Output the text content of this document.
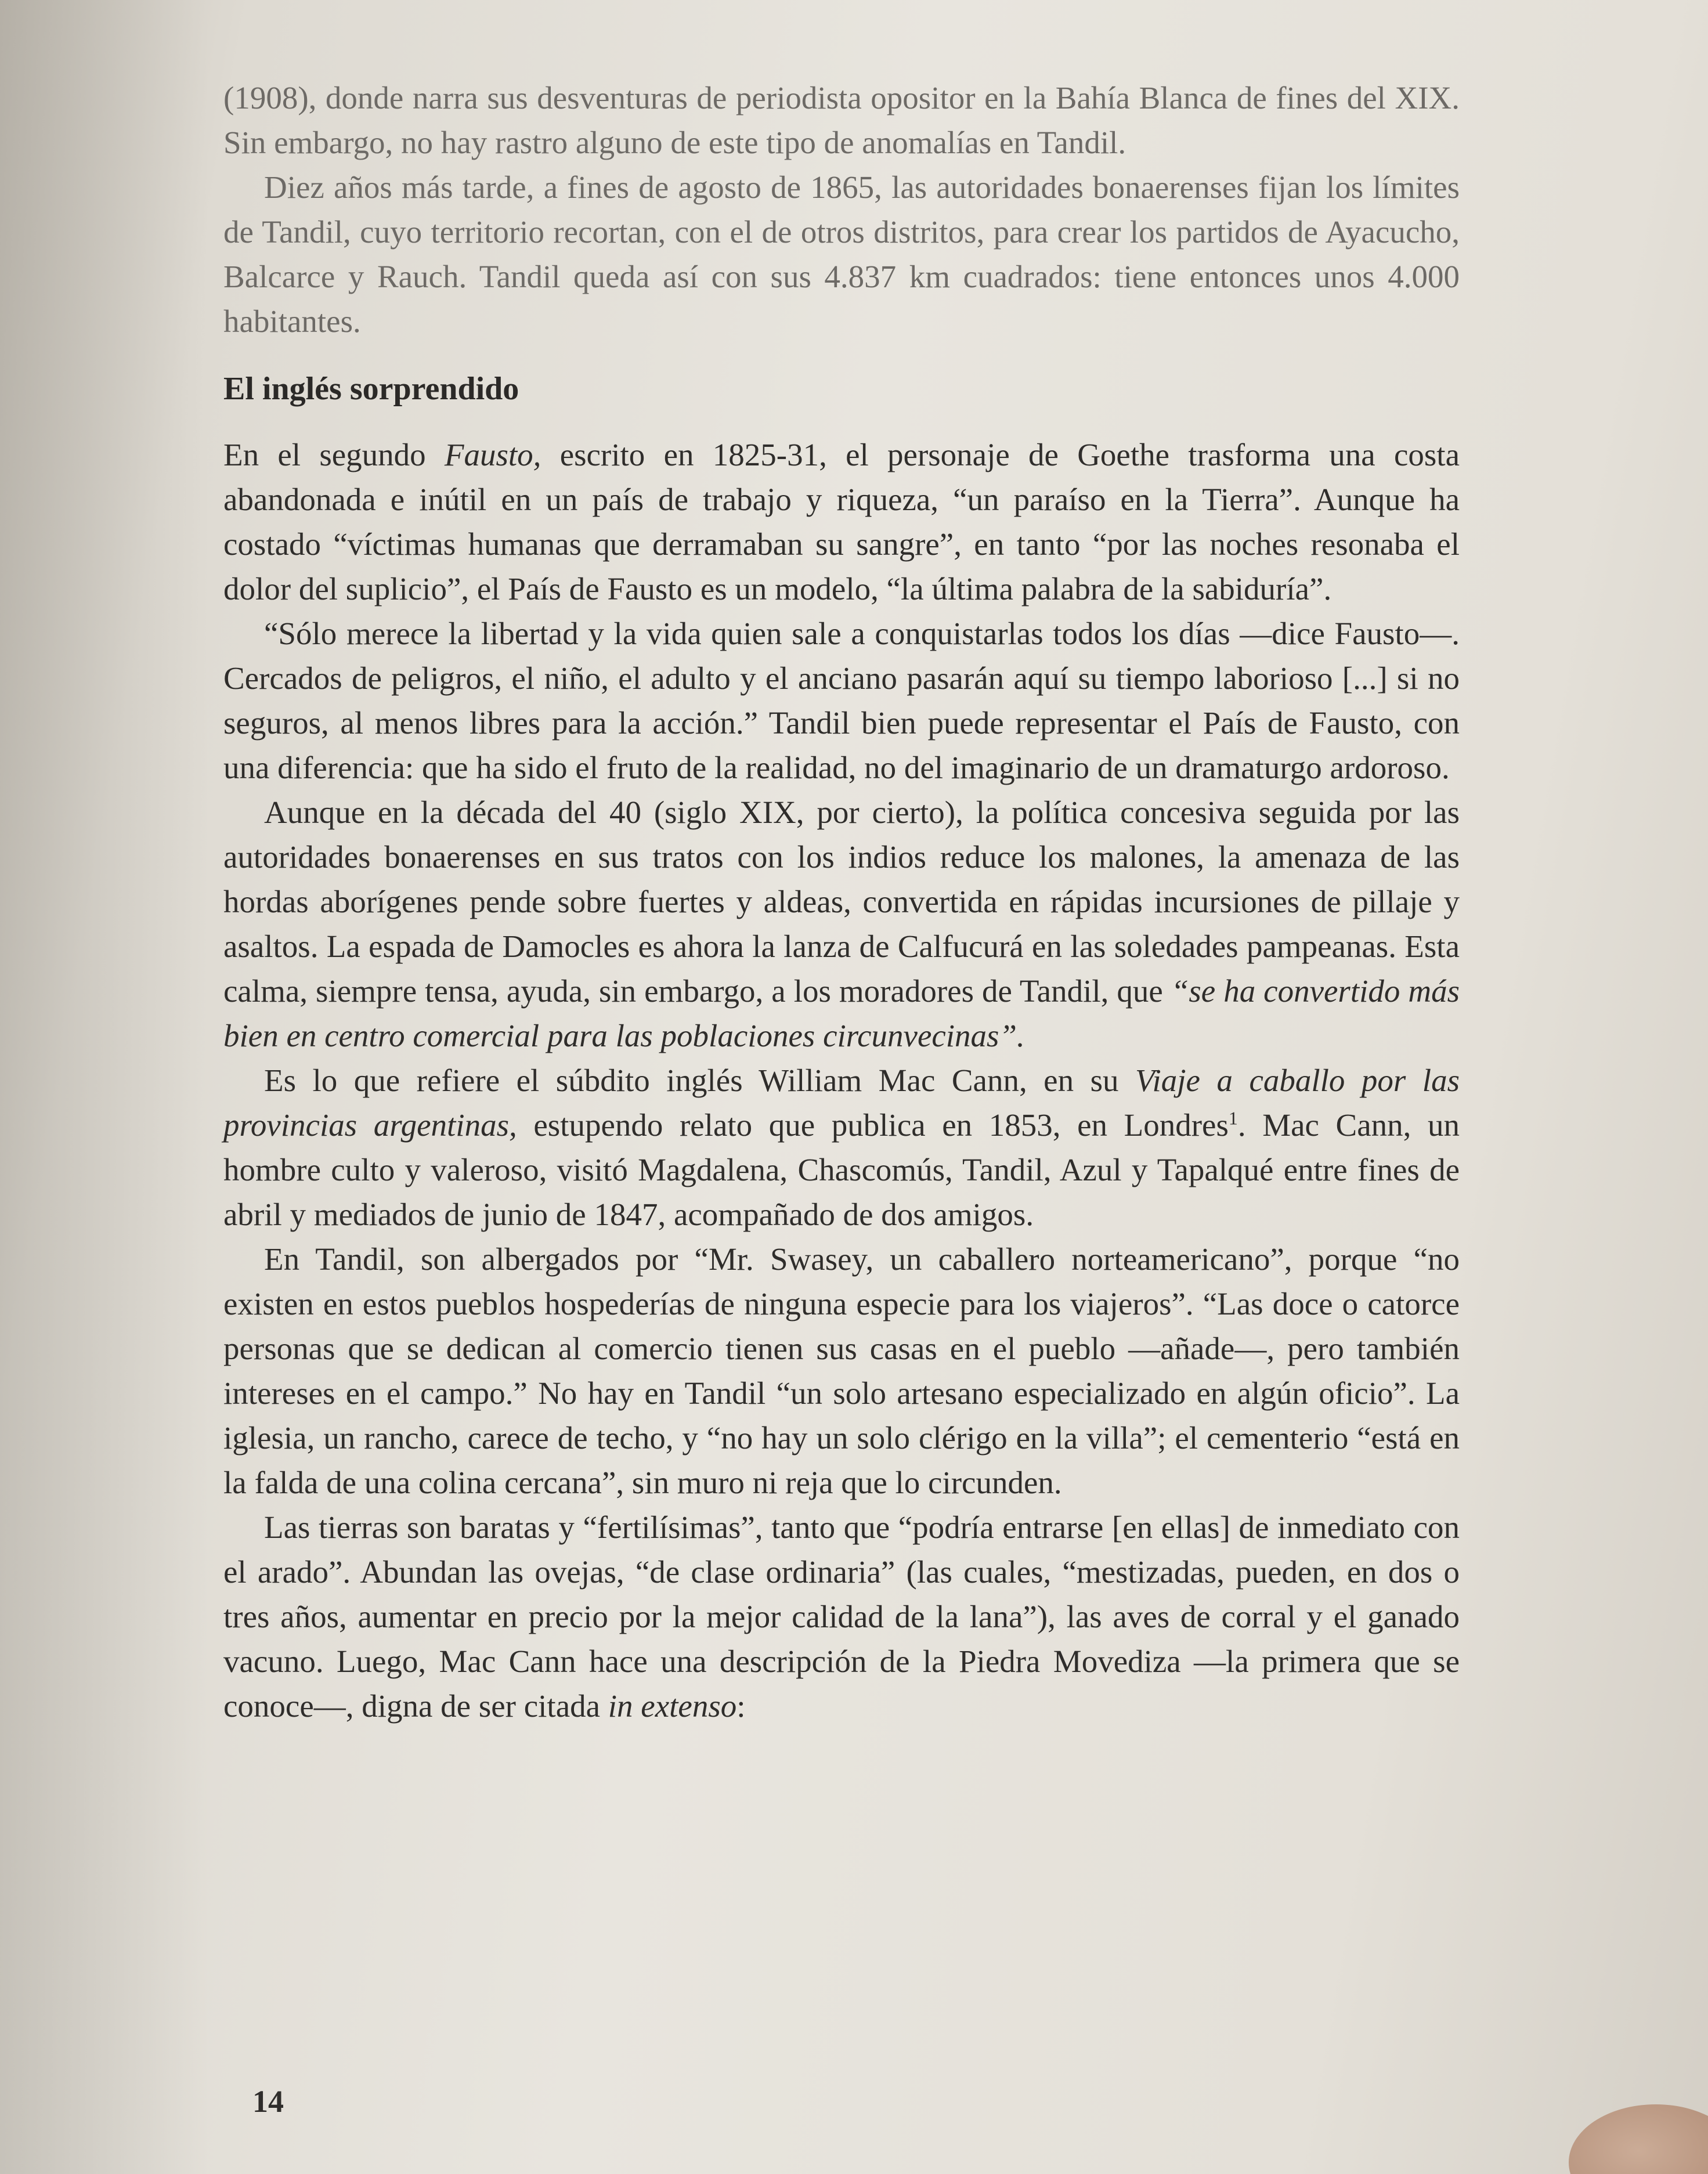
(1908), donde narra sus desventuras de periodista opositor en la Bahía Blanca de fines del XIX. Sin embargo, no hay rastro alguno de este tipo de anomalías en Tandil.

Diez años más tarde, a fines de agosto de 1865, las autoridades bonaerenses fijan los límites de Tandil, cuyo territorio recortan, con el de otros distritos, para crear los partidos de Ayacucho, Balcarce y Rauch. Tandil queda así con sus 4.837 km cuadrados: tiene entonces unos 4.000 habitantes.

El inglés sorprendido

En el segundo Fausto, escrito en 1825-31, el personaje de Goethe trasforma una costa abandonada e inútil en un país de trabajo y riqueza, “un paraíso en la Tierra”. Aunque ha costado “víctimas humanas que derramaban su sangre”, en tanto “por las noches resonaba el dolor del suplicio”, el País de Fausto es un modelo, “la última palabra de la sabiduría”.

“Sólo merece la libertad y la vida quien sale a conquistarlas todos los días —dice Fausto—. Cercados de peligros, el niño, el adulto y el anciano pasarán aquí su tiempo laborioso [...] si no seguros, al menos libres para la acción.” Tandil bien puede representar el País de Fausto, con una diferencia: que ha sido el fruto de la realidad, no del imaginario de un dramaturgo ardoroso.

Aunque en la década del 40 (siglo XIX, por cierto), la política concesiva seguida por las autoridades bonaerenses en sus tratos con los indios reduce los malones, la amenaza de las hordas aborígenes pende sobre fuertes y aldeas, convertida en rápidas incursiones de pillaje y asaltos. La espada de Damocles es ahora la lanza de Calfucurá en las soledades pampeanas. Esta calma, siempre tensa, ayuda, sin embargo, a los moradores de Tandil, que “se ha convertido más bien en centro comercial para las poblaciones circunvecinas”.

Es lo que refiere el súbdito inglés William Mac Cann, en su Viaje a caballo por las provincias argentinas, estupendo relato que publica en 1853, en Londres$^1$. Mac Cann, un hombre culto y valeroso, visitó Magdalena, Chascomús, Tandil, Azul y Tapalqué entre fines de abril y mediados de junio de 1847, acompañado de dos amigos.

En Tandil, son albergados por “Mr. Swasey, un caballero norteamericano”, porque “no existen en estos pueblos hospederías de ninguna especie para los viajeros”. “Las doce o catorce personas que se dedican al comercio tienen sus casas en el pueblo —añade—, pero también intereses en el campo.” No hay en Tandil “un solo artesano especializado en algún oficio”. La iglesia, un rancho, carece de techo, y “no hay un solo clérigo en la villa”; el cementerio “está en la falda de una colina cercana”, sin muro ni reja que lo circunden.

Las tierras son baratas y “fertilísimas”, tanto que “podría entrarse [en ellas] de inmediato con el arado”. Abundan las ovejas, “de clase ordinaria” (las cuales, “mestizadas, pueden, en dos o tres años, aumentar en precio por la mejor calidad de la lana”), las aves de corral y el ganado vacuno. Luego, Mac Cann hace una descripción de la Piedra Movediza —la primera que se conoce—, digna de ser citada in extenso:

14
